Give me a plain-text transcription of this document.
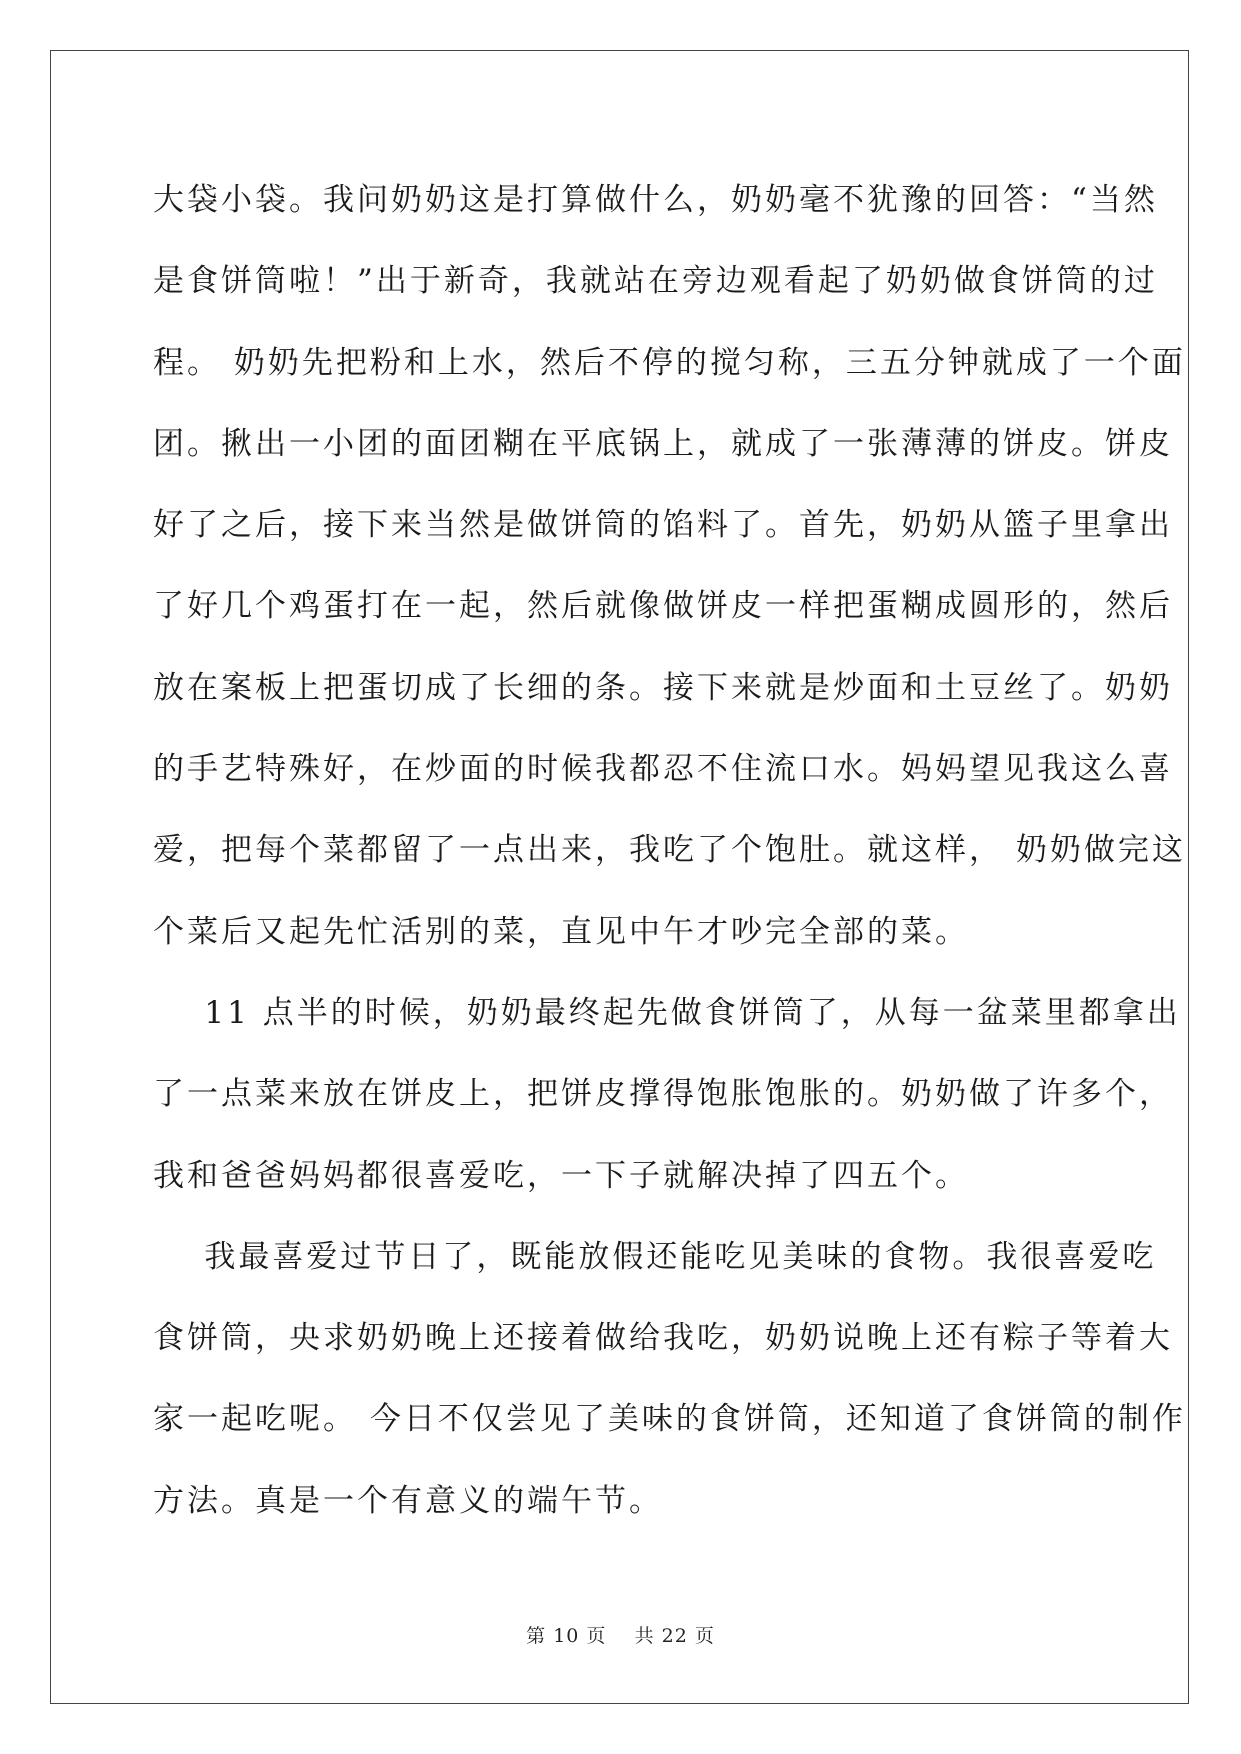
大袋小袋。我问奶奶这是打算做什么，奶奶毫不犹豫的回答：“当然
是食饼筒啦！”出于新奇，我就站在旁边观看起了奶奶做食饼筒的过
程。 奶奶先把粉和上水，然后不停的搅匀称，三五分钟就成了一个面
团。揪出一小团的面团糊在平底锅上，就成了一张薄薄的饼皮。饼皮
好了之后，接下来当然是做饼筒的馅料了。首先，奶奶从篮子里拿出
了好几个鸡蛋打在一起，然后就像做饼皮一样把蛋糊成圆形的，然后
放在案板上把蛋切成了长细的条。接下来就是炒面和土豆丝了。奶奶
的手艺特殊好，在炒面的时候我都忍不住流口水。妈妈望见我这么喜
爱，把每个菜都留了一点出来，我吃了个饱肚。就这样， 奶奶做完这
个菜后又起先忙活别的菜，直见中午才吵完全部的菜。
11 点半的时候，奶奶最终起先做食饼筒了，从每一盆菜里都拿出
了一点菜来放在饼皮上，把饼皮撑得饱胀饱胀的。奶奶做了许多个，
我和爸爸妈妈都很喜爱吃，一下子就解决掉了四五个。
我最喜爱过节日了，既能放假还能吃见美味的食物。我很喜爱吃
食饼筒，央求奶奶晚上还接着做给我吃，奶奶说晚上还有粽子等着大
家一起吃呢。 今日不仅尝见了美味的食饼筒，还知道了食饼筒的制作
方法。真是一个有意义的端午节。
第 10 页    共 22 页
